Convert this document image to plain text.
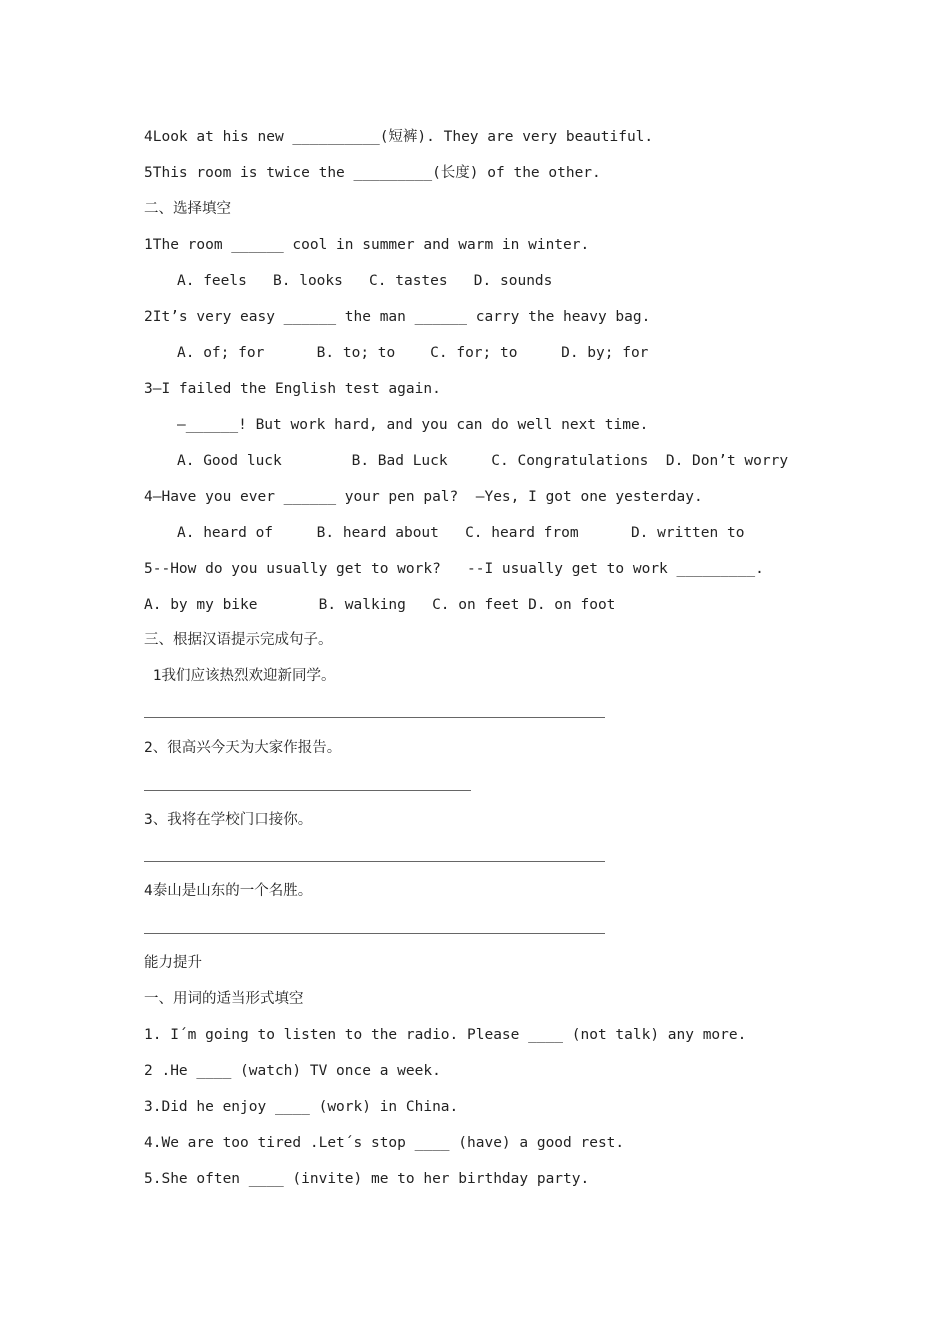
4Look at his new __________(短裤). They are very beautiful.
5This room is twice the _________(长度) of the other.
二、选择填空
1The room ______ cool in summer and warm in winter.
A. feels   B. looks   C. tastes   D. sounds
2It’s very easy ______ the man ______ carry the heavy bag.
A. of; for      B. to; to    C. for; to     D. by; for
3—I failed the English test again.
—______! But work hard, and you can do well next time.
A. Good luck        B. Bad Luck     C. Congratulations  D. Don’t worry
4—Have you ever ______ your pen pal?  —Yes, I got one yesterday.
A. heard of     B. heard about   C. heard from      D. written to
5--How do you usually get to work?   --I usually get to work _________.
A. by my bike       B. walking   C. on feet D. on foot
三、根据汉语提示完成句子。
1我们应该热烈欢迎新同学。
2、很高兴今天为大家作报告。
3、我将在学校门口接你。
4泰山是山东的一个名胜。
能力提升
一、用词的适当形式填空
1. I´m going to listen to the radio. Please ____ (not talk) any more.
2 .He ____ (watch) TV once a week.
3.Did he enjoy ____ (work) in China.
4.We are too tired .Let´s stop ____ (have) a good rest.
5.She often ____ (invite) me to her birthday party.
